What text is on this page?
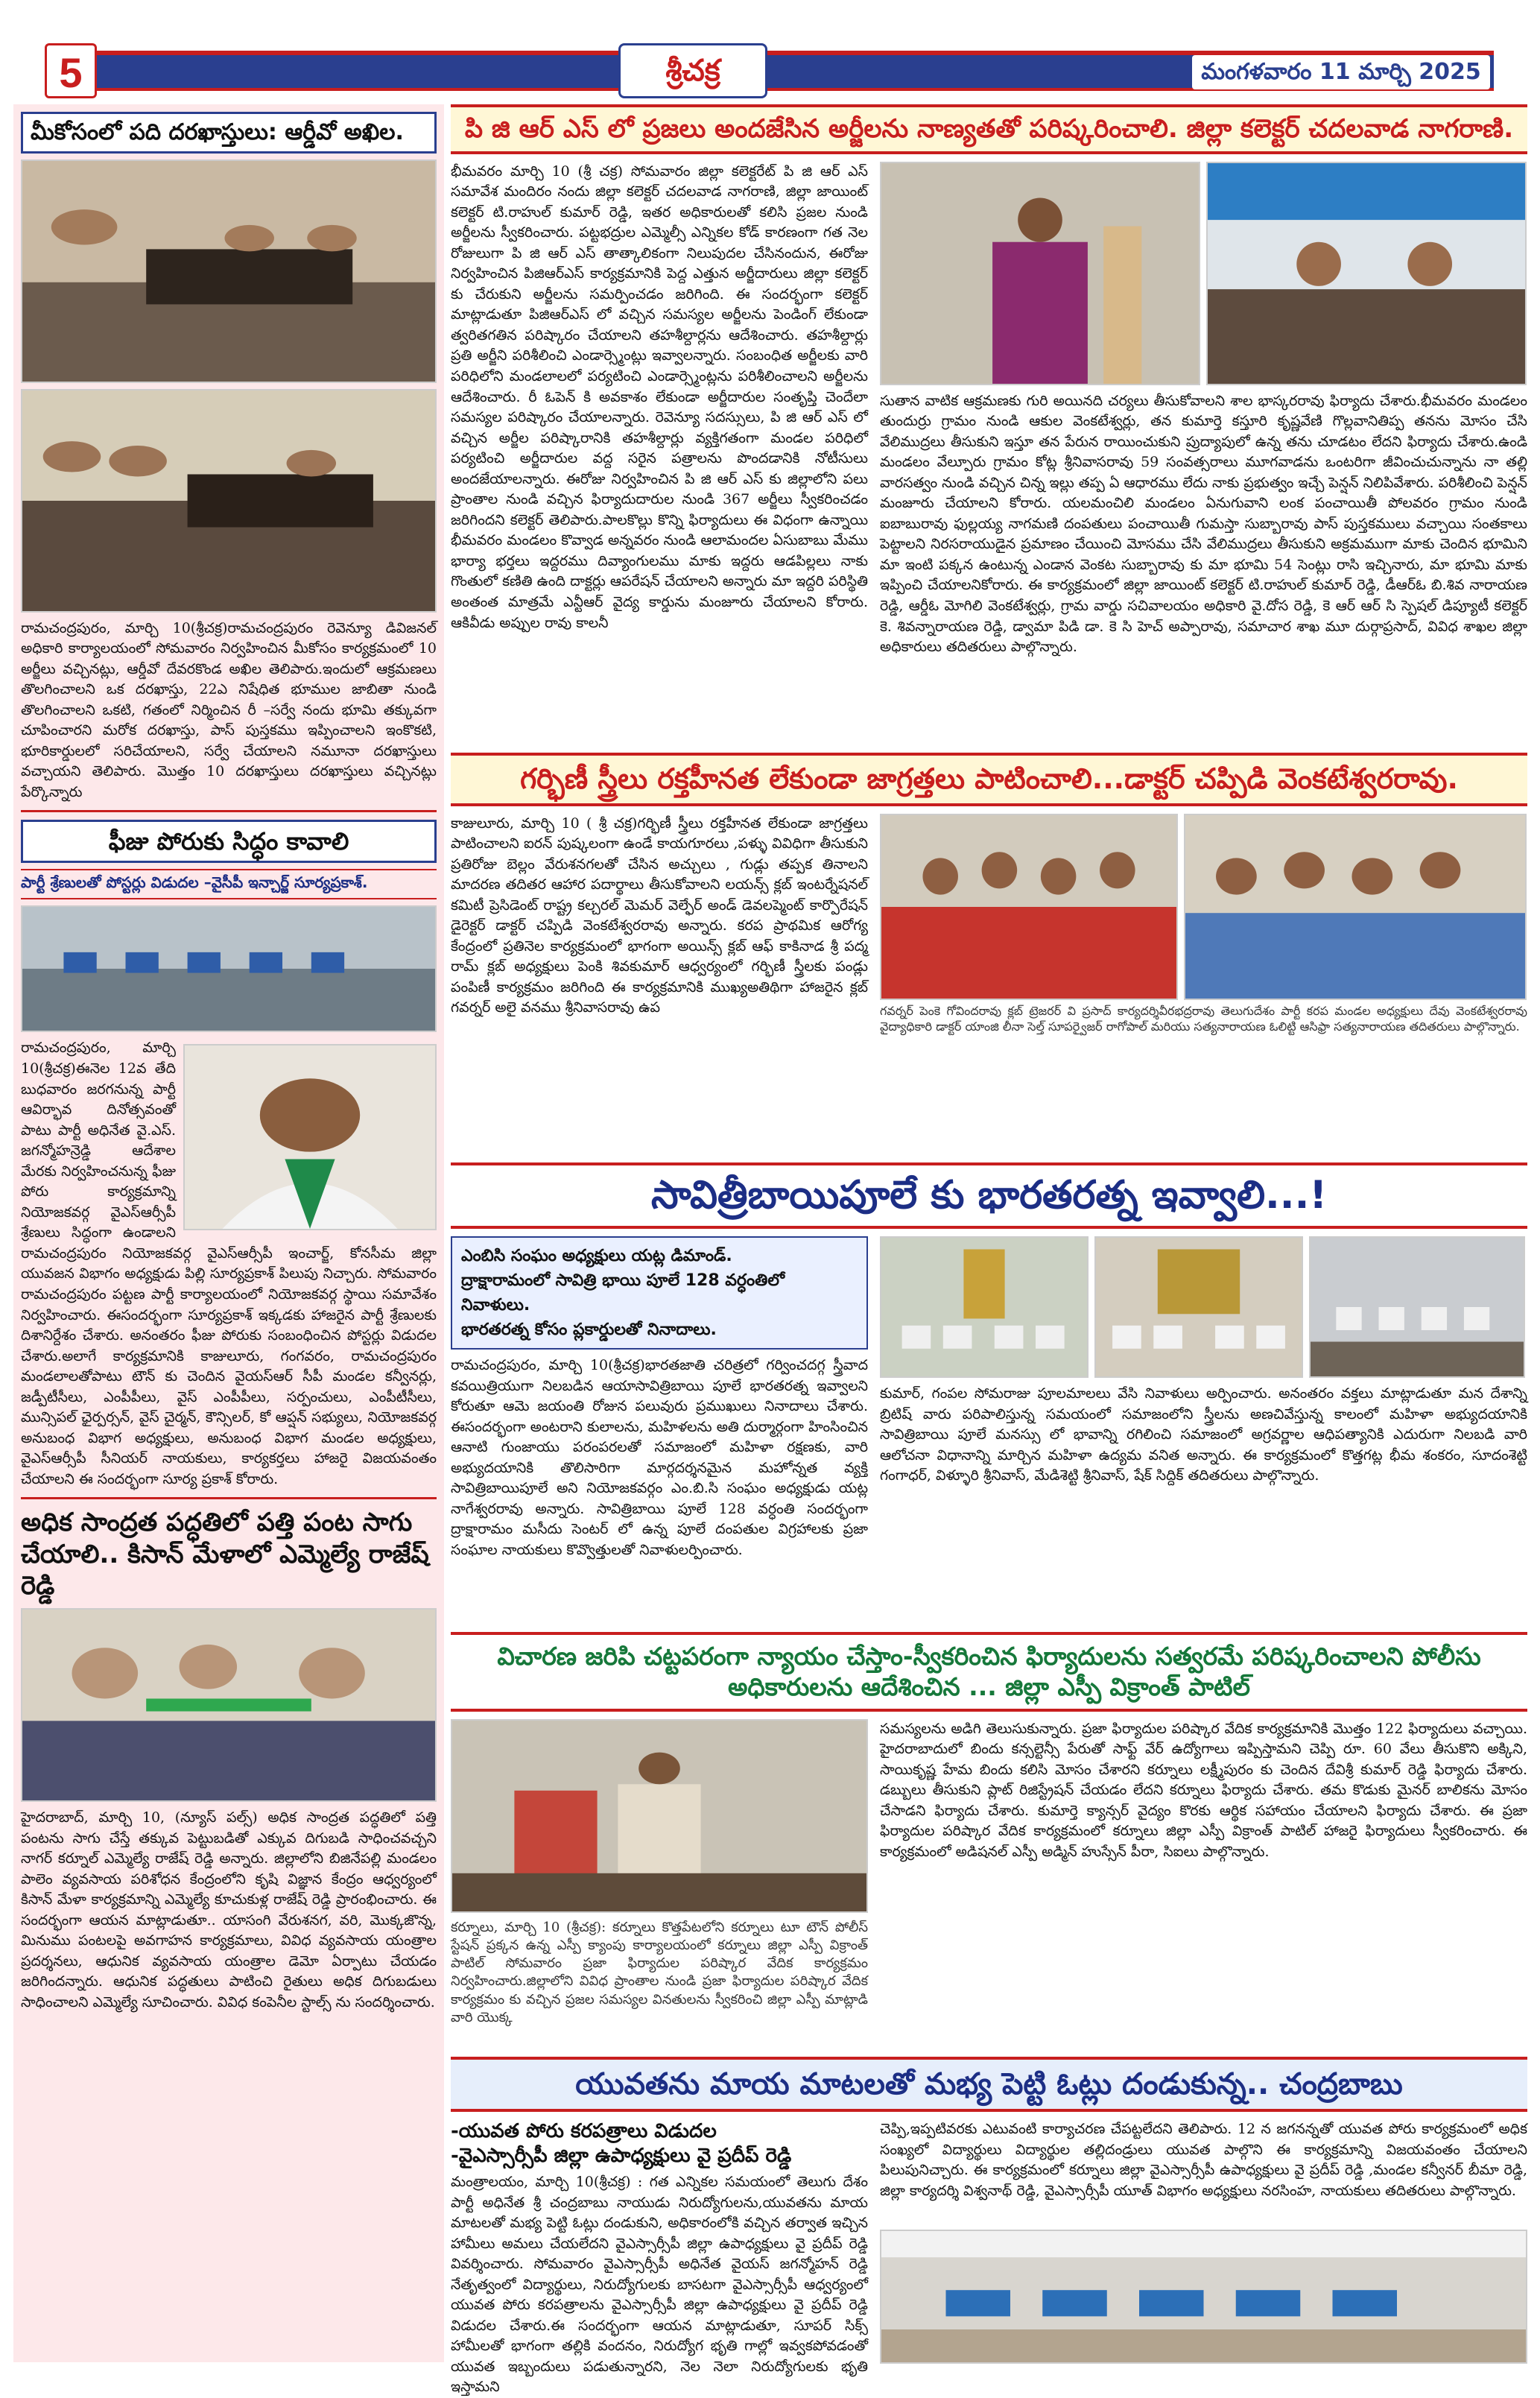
5	శ్రీచక్ర	మంగళవారం 11 మార్చి 2025
మీకోసంలో పది దరఖాస్తులు: ఆర్డీవో అఖిల.
రామచంద్రపురం, మార్చి 10(శ్రీచక్ర)రామచంద్రపురం రెవెన్యూ డివిజనల్ అధికారి కార్యాలయంలో సోమవారం నిర్వహించిన మీకోసం కార్యక్రమంలో 10 అర్జీలు వచ్చినట్లు, ఆర్డీవో దేవరకొండ అఖిల తెలిపారు.ఇందులో ఆక్రమణలు తొలగించాలని ఒక దరఖాస్తు, 22ఎ నిషేధిత భూముల జాబితా నుండి తొలగించాలని ఒకటి, గతంలో నిర్మించిన రీ –సర్వే నందు భూమి తక్కువగా చూపించారని మరోక దరఖాస్తు, పాస్ పుస్తకము ఇప్పించాలని ఇంకొకటి, భూరికార్డులలో సరిచేయాలని, సర్వే చేయాలని నమూనా దరఖాస్తులు వచ్చాయని తెలిపారు. మొత్తం 10 దరఖాస్తులు దరఖాస్తులు వచ్చినట్లు పేర్కొన్నారు
ఫీజు పోరుకు సిద్ధం కావాలి
పార్టీ శ్రేణులతో పోస్టర్లు విడుదల –వైసీపీ ఇన్చార్జ్ సూర్యప్రకాశ్.
రామచంద్రపురం, మార్చి 10(శ్రీచక్ర)ఈనెల 12వ తేది బుధవారం జరగనున్న పార్టీ ఆవిర్భావ దినోత్సవంతో పాటు పార్టీ అధినేత వై.ఎస్. జగన్మోహన్రెడ్డి ఆదేశాల మేరకు నిర్వహించనున్న ఫీజు పోరు కార్యక్రమాన్ని నియోజకవర్గ వైఎస్ఆర్సీపీ శ్రేణులు సిద్ధంగా ఉండాలని రామచంద్రపురం నియోజకవర్గ వైఎస్ఆర్సీపీ ఇంచార్జ్, కోనసీమ జిల్లా యువజన విభాగం అధ్యక్షుడు పిల్లి సూర్యప్రకాశ్ పిలుపు నిచ్చారు. సోమవారం రామచంద్రపురం పట్టణ పార్టీ కార్యాలయంలో నియోజకవర్గ స్థాయి సమావేశం నిర్వహించారు. ఈసందర్భంగా సూర్యప్రకాశ్ ఇక్కడకు హాజరైన పార్టీ శ్రేణులకు దిశానిర్దేశం చేశారు. అనంతరం ఫీజు పోరుకు సంబంధించిన పోస్టర్లు విడుదల చేశారు.అలాగే కార్యక్రమానికి కాజులూరు, గంగవరం, రామచంద్రపురం మండలాలతోపాటు టౌన్ కు చెందిన వైయస్ఆర్ సీపీ మండల కన్వీనర్లు, జడ్పీటీసీలు, ఎంపీపీలు, వైస్ ఎంపీపీలు, సర్పంచులు, ఎంపీటీసీలు, మున్సిపల్ ఛైర్పర్సన్, వైస్ చైర్మన్, కౌన్సిలర్, కో ఆప్షన్ సభ్యులు, నియోజకవర్గ అనుబంధ విభాగ అధ్యక్షులు, అనుబంధ విభాగ మండల అధ్యక్షులు, వైఎస్ఆర్సీపీ సీనియర్ నాయకులు, కార్యకర్తలు హాజరై విజయవంతం చేయాలని ఈ సందర్భంగా సూర్య ప్రకాశ్ కోరారు.
అధిక సాంద్రత పద్ధతిలో పత్తి పంట సాగు చేయాలి.. కిసాన్ మేళాలో ఎమ్మెల్యే రాజేష్ రెడ్డి
హైదరాబాద్, మార్చి 10, (న్యూస్ పల్స్) అధిక సాంద్రత పద్ధతిలో పత్తి పంటను సాగు చేస్తే తక్కువ పెట్టుబడితో ఎక్కువ దిగుబడి సాధించవచ్చని నాగర్ కర్నూల్ ఎమ్మెల్యే రాజేష్ రెడ్డి అన్నారు. జిల్లాలోని బిజినేపల్లి మండలం పాలెం వ్యవసాయ పరిశోధన కేంద్రంలోని కృషి విజ్ఞాన కేంద్రం ఆధ్వర్యంలో కిసాన్ మేళా కార్యక్రమాన్ని ఎమ్మెల్యే కూచుకుళ్ల రాజేష్ రెడ్డి ప్రారంభించారు. ఈ సందర్భంగా ఆయన మాట్లాడుతూ.. యాసంగి వేరుశనగ, వరి, మొక్కజొన్న, మినుము పంటలపై అవగాహన కార్యక్రమాలు, వివిధ వ్యవసాయ యంత్రాల ప్రదర్శనలు, ఆధునిక వ్యవసాయ యంత్రాల డెమో ఏర్పాటు చేయడం జరిగిందన్నారు. ఆధునిక పద్ధతులు పాటించి రైతులు అధిక దిగుబడులు సాధించాలని ఎమ్మెల్యే సూచించారు. వివిధ కంపెనీల స్టాల్స్ ను సందర్శించారు.
పి జి ఆర్ ఎస్ లో ప్రజలు అందజేసిన అర్జీలను నాణ్యతతో పరిష్కరించాలి. జిల్లా కలెక్టర్ చదలవాడ నాగరాణి.
భీమవరం మార్చి 10 (శ్రీ చక్ర) సోమవారం జిల్లా కలెక్టరేట్ పి జి ఆర్ ఎస్ సమావేశ మందిరం నందు జిల్లా కలెక్టర్ చదలవాడ నాగరాణి, జిల్లా జాయింట్ కలెక్టర్ టి.రాహుల్ కుమార్ రెడ్డి, ఇతర అధికారులతో కలిసి ప్రజల నుండి అర్జీలను స్వీకరించారు. పట్టభద్రుల ఎమ్మెల్సీ ఎన్నికల కోడ్ కారణంగా గత నెల రోజులుగా పి జి ఆర్ ఎస్ తాత్కాలికంగా నిలుపుదల చేసినందున, ఈరోజు నిర్వహించిన పిజిఆర్ఎస్ కార్యక్రమానికి పెద్ద ఎత్తున అర్జీదారులు జిల్లా కలెక్టర్ కు చేరుకుని అర్జీలను సమర్పించడం జరిగింది. ఈ సందర్భంగా కలెక్టర్ మాట్లాడుతూ పిజిఆర్ఎస్ లో వచ్చిన సమస్యల అర్జీలను పెండింగ్ లేకుండా త్వరితగతిన పరిష్కారం చేయాలని తహశీల్దార్లను ఆదేశించారు. తహశీల్దార్లు ప్రతి అర్జీని పరిశీలించి ఎండార్స్మెంట్లు ఇవ్వాలన్నారు. సంబంధిత అర్జీలకు వారి పరిధిలోని మండలాలలో పర్యటించి ఎండార్స్మెంట్లను పరిశీలించాలని అర్జీలను ఆదేశించారు. రీ ఓపెన్ కి అవకాశం లేకుండా అర్జీదారుల సంతృప్తి చెందేలా సమస్యల పరిష్కారం చేయాలన్నారు. రెవెన్యూ సదస్సులు, పి జి ఆర్ ఎస్ లో వచ్చిన అర్జీల పరిష్కారానికి తహశీల్దార్లు వ్యక్తిగతంగా మండల పరిధిలో పర్యటించి అర్జీదారుల వద్ద సరైన పత్రాలను పొందడానికి నోటీసులు అందజేయాలన్నారు. ఈరోజు నిర్వహించిన పి జి ఆర్ ఎస్ కు జిల్లాలోని పలు ప్రాంతాల నుండి వచ్చిన ఫిర్యాదుదారుల నుండి 367 అర్జీలు స్వీకరించడం జరిగిందని కలెక్టర్ తెలిపారు.పాలకొల్లు కొన్ని ఫిర్యాదులు ఈ విధంగా ఉన్నాయి భీమవరం మండలం కొవ్వాడ అన్నవరం నుండి ఆలామందల ఏసుబాబు మేము భార్యా భర్తలు ఇద్దరము దివ్యాంగులము మాకు ఇద్దరు ఆడపిల్లలు నాకు గొంతులో కణితి ఉంది దాక్టర్లు ఆపరేషన్ చేయాలని అన్నారు మా ఇద్దరి పరిస్థితి అంతంత మాత్రమే ఎన్టీఆర్ వైద్య కార్డును మంజూరు చేయాలని కోరారు. ఆకివీడు అప్పుల రావు కాలనీ
సుతాన వాటిక ఆక్రమణకు గురి అయినది చర్యలు తీసుకోవాలని శాల భాస్కరరావు ఫిర్యాదు చేశారు.భీమవరం మండలం తుందుర్రు గ్రామం నుండి ఆకుల వెంకటేశ్వర్లు, తన కుమార్తె కస్తూరి కృష్ణవేణి గొల్లవానితిప్ప తనను మోసం చేసి వేలిముద్రలు తీసుకుని ఇస్తూ తన పేరున రాయించుకుని ప్రుద్యాపులో ఉన్న తను చూడటం లేదని ఫిర్యాదు చేశారు.ఉండి మండలం వేల్పూరు గ్రామం కోట్ల శ్రీనివాసరావు 59 సంవత్సరాలు మూగవాడను ఒంటరిగా జీవించుచున్నాను నా తల్లి వారసత్వం నుండి వచ్చిన చిన్న ఇల్లు తప్ప ఏ ఆధారము లేదు నాకు ప్రభుత్వం ఇచ్చే పెన్షన్ నిలిపివేశారు. పరిశీలించి పెన్షన్ మంజూరు చేయాలని కోరారు. యలమంచిలి మండలం ఏనుగువాని లంక పంచాయితీ పోలవరం గ్రామం నుండి ఐబాబురావు ఫుల్లయ్య నాగమణి దంపతులు పంచాయితీ గుమస్తా సుబ్బారావు పాస్ పుస్తకములు వచ్చాయి సంతకాలు పెట్టాలని నిరసరాయుడైన ప్రమాణం చేయించి మోసము చేసి వేలిముద్రలు తీసుకుని అక్రమముగా మాకు చెందిన భూమిని మా ఇంటి పక్కన ఉంటున్న ఎండాన వెంకట సుబ్బారావు కు మా భూమి 54 సెంట్లు రాసి ఇచ్చినారు, మా భూమి మాకు ఇప్పించి చేయాలనికోరారు. ఈ కార్యక్రమంలో జిల్లా జాయింట్ కలెక్టర్ టి.రాహుల్ కుమార్ రెడ్డి, డీఆర్ఓ బి.శివ నారాయణ రెడ్డి, ఆర్డీఓ మోగిలి వెంకటేశ్వర్లు, గ్రామ వార్డు సచివాలయం అధికారి వై.దోస రెడ్డి, కె ఆర్ ఆర్ సి స్పెషల్ డిప్యూటీ కలెక్టర్ కె. శివన్నారాయణ రెడ్డి, డ్వామా పిడి డా. కె సి హెచ్ అప్పారావు, సమాచార శాఖ మూ దుర్గాప్రసాద్, వివిధ శాఖల జిల్లా అధికారులు తదితరులు పాల్గొన్నారు.
గర్భిణీ స్త్రీలు రక్తహీనత లేకుండా జాగ్రత్తలు పాటించాలి...డాక్టర్ చప్పిడి వెంకటేశ్వరరావు.
కాజులూరు, మార్చి 10 ( శ్రీ చక్ర)గర్భిణీ స్త్రీలు రక్తహీనత లేకుండా జాగ్రత్తలు పాటించాలని ఐరన్ పుష్కలంగా ఉండే కాయగూరలు ,పళ్ళు వివిధిగా తీసుకుని ప్రతిరోజు బెల్లం వేరుశనగలతో చేసిన అచ్చులు , గుడ్లు తప్పక తినాలని మాదరణ తదితర ఆహార పదార్థాలు తీసుకోవాలని లయన్స్ క్లబ్ ఇంటర్నేషనల్ కమిటీ ప్రెసిడెంట్ రాష్ట్ర కల్చరల్ మెమర్ వెల్ఫేర్ అండ్ డెవలప్మెంట్ కార్పొరేషన్ డైరెక్టర్ డాక్టర్ చప్పిడి వెంకటేశ్వరరావు అన్నారు. కరప ప్రాథమిక ఆరోగ్య కేంద్రంలో ప్రతినెల కార్యక్రమంలో భాగంగా అయిన్స్ క్లబ్ ఆఫ్ కాకినాడ శ్రీ పద్మ రామ్ క్లబ్ అధ్యక్షులు పెంకి శివకుమార్ ఆధ్వర్యంలో గర్భిణీ స్త్రీలకు పండ్లు పంపిణీ కార్యక్రమం జరిగింది ఈ కార్యక్రమానికి ముఖ్యఅతిథిగా హాజరైన క్లబ్ గవర్నర్ అలై వనము శ్రీనివాసరావు ఉప	గవర్నర్ పెంకె గోవిందరావు క్లబ్ ట్రెజరర్ వి ప్రసాద్ కార్యదర్శివీరభద్రరావు తెలుగుదేశం పార్టీ కరప మండల అధ్యక్షులు దేవు వెంకటేశ్వరరావు వైద్యాధికారి డాక్టర్ యాంజి లీనా సెల్త్ సూపర్వైజర్ రాగోపాల్ మరియు సత్యనారాయణ ఓలిట్టి ఆసిఫ్రా సత్యనారాయణ తదితరులు పాల్గొన్నారు.
సావిత్రీబాయిపూలే కు భారతరత్న ఇవ్వాలి...!
ఎంబిసి సంఘం అధ్యక్షులు యట్ల డిమాండ్.
ద్రాక్షారామంలో సావిత్రి భాయి పూలే 128 వర్ధంతిలో నివాళులు.
భారతరత్న కోసం ప్లకార్డులతో నినాదాలు.
రామచంద్రపురం, మార్చి 10(శ్రీచక్ర)భారతజాతి చరిత్రలో గర్వించదగ్గ స్త్రీవాద కవయిత్రియుగా నిలబడిన ఆయాసావిత్రిబాయి పూలే భారతరత్న ఇవ్వాలని కోరుతూ ఆమె జయంతి రోజున పలువురు ప్రముఖులు నినాదాలు చేశారు. ఈసందర్భంగా అంటరాని కులాలను, మహిళలను అతి దుర్మార్గంగా హింసించిన ఆనాటి గుంజాయు పరంపరలతో సమాజంలో మహిళా రక్షణకు, వారి అభ్యుదయానికి తొలిసారిగా మార్గదర్శనమైన మహోన్నత వ్యక్తి సావిత్రిబాయిపూలే అని నియోజకవర్గం ఎం.బి.సి సంఘం అధ్యక్షుడు యట్ల నాగేశ్వరరావు అన్నారు. సావిత్రిబాయి పూలే 128 వర్ధంతి సందర్భంగా ద్రాక్షారామం మసీదు సెంటర్ లో ఉన్న పూలే దంపతుల విగ్రహాలకు ప్రజా సంఘాల నాయకులు కొవ్వొత్తులతో నివాళులర్పించారు.
కుమార్, గంపల సోమరాజు పూలమాలలు వేసి నివాళులు అర్పించారు. అనంతరం వక్తలు మాట్లాడుతూ మన దేశాన్ని బ్రిటిష్ వారు పరిపాలిస్తున్న సమయంలో సమాజంలోని స్త్రీలను అణచివేస్తున్న కాలంలో మహిళా అభ్యుదయానికి సావిత్రిబాయి పూలే మనస్సు లో భావాన్ని రగిలించి సమాజంలో అగ్రవర్ణాల ఆధిపత్యానికి ఎదురుగా నిలబడి వారి ఆలోచనా విధానాన్ని మార్చిన మహిళా ఉద్యమ వనిత అన్నారు. ఈ కార్యక్రమంలో కొత్తగట్ల భీమ శంకరం, సూదంశెట్టి గంగాధర్, విళ్ళూరి శ్రీనివాస్, మేడిశెట్టి శ్రీనివాస్, షేక్ సిద్దిక్ తదితరులు పాల్గొన్నారు.
విచారణ జరిపి చట్టపరంగా న్యాయం చేస్తాం-స్వీకరించిన ఫిర్యాదులను సత్వరమే పరిష్కరించాలని పోలీసు అధికారులను ఆదేశించిన ... జిల్లా ఎస్పీ విక్రాంత్ పాటిల్
కర్నూలు, మార్చి 10 (శ్రీచక్ర): కర్నూలు కొత్తపేటలోని కర్నూలు టూ టౌన్ పోలీస్ స్టేషన్ ప్రక్కన ఉన్న ఎస్పీ క్యాంపు కార్యాలయంలో కర్నూలు జిల్లా ఎస్పీ విక్రాంత్ పాటిల్ సోమవారం ప్రజా ఫిర్యాదుల పరిష్కార వేదిక కార్యక్రమం నిర్వహించారు.జిల్లాలోని వివిధ ప్రాంతాల నుండి ప్రజా ఫిర్యాదుల పరిష్కార వేదిక కార్యక్రమం కు వచ్చిన ప్రజల సమస్యల వినతులను స్వీకరించి జిల్లా ఎస్పీ మాట్లాడి వారి యొక్క
సమస్యలను అడిగి తెలుసుకున్నారు. ప్రజా ఫిర్యాదుల పరిష్కార వేదిక కార్యక్రమానికి మొత్తం 122 ఫిర్యాదులు వచ్చాయి. హైదరాబాదులో బిందు కన్సల్టెన్సీ పేరుతో సాఫ్ట్ వేర్ ఉద్యోగాలు ఇప్పిస్తామని చెప్పి రూ. 60 వేలు తీసుకొని అక్కిని, సాయికృష్ణ హేమ బిందు కలిసి మోసం చేశారని కర్నూలు లక్ష్మీపురం కు చెందిన దేవిశ్రీ కుమార్ రెడ్డి ఫిర్యాదు చేశారు. డబ్బులు తీసుకుని ప్లాట్ రిజిస్ట్రేషన్ చేయడం లేదని కర్నూలు ఫిర్యాదు చేశారు. తమ కొడుకు మైనర్ బాలికను మోసం చేసాడని ఫిర్యాదు చేశారు. కుమార్తె క్యాన్సర్ వైద్యం కొరకు ఆర్థిక సహాయం చేయాలని ఫిర్యాదు చేశారు. ఈ ప్రజా ఫిర్యాదుల పరిష్కార వేదిక కార్యక్రమంలో కర్నూలు జిల్లా ఎస్పీ విక్రాంత్ పాటిల్ హాజరై ఫిర్యాదులు స్వీకరించారు. ఈ కార్యక్రమంలో అడిషనల్ ఎస్పీ అడ్మిన్ హుస్సేన్ పీరా, సిఐలు పాల్గొన్నారు.
యువతను మాయ మాటలతో మభ్య పెట్టి ఓట్లు దండుకున్న.. చంద్రబాబు
-యువత పోరు కరపత్రాలు విడుదల
-వైఎస్సార్సీపీ జిల్లా ఉపాధ్యక్షులు వై ప్రదీప్ రెడ్డి
మంత్రాలయం, మార్చి 10(శ్రీచక్ర) : గత ఎన్నికల సమయంలో తెలుగు దేశం పార్టీ అధినేత శ్రీ చంద్రబాబు నాయుడు నిరుద్యోగులను,యువతను మాయ మాటలతో మభ్య పెట్టి ఓట్లు దండుకుని, అధికారంలోకి వచ్చిన తర్వాత ఇచ్చిన హామీలు అమలు చేయలేదని వైఎస్సార్సీపీ జిల్లా ఉపాధ్యక్షులు వై ప్రదీప్ రెడ్డి వివర్శించారు. సోమవారం వైఎస్సార్సీపీ అధినేత వైయస్ జగన్మోహన్ రెడ్డి నేతృత్వంలో విద్యార్థులు, నిరుద్యోగులకు బాసటగా వైఎస్సార్సీపీ ఆధ్వర్యంలో యువత పోరు కరపత్రాలను వైఎస్సార్సీపీ జిల్లా ఉపాధ్యక్షులు వై ప్రదీప్ రెడ్డి విడుదల చేశారు.ఈ సందర్భంగా ఆయన మాట్లాడుతూ, సూపర్ సిక్స్ హామీలతో భాగంగా తల్లికి వందనం, నిరుద్యోగ భృతి గాల్లో ఇవ్వకపోవడంతో యువత ఇబ్బందులు పడుతున్నారని, నెల నెలా నిరుద్యోగులకు భృతి ఇస్తామని
చెప్పి,ఇప్పటివరకు ఎటువంటి కార్యాచరణ చేపట్టలేదని తెలిపారు. 12 న జగనన్నతో యువత పోరు కార్యక్రమంలో అధిక సంఖ్యలో విద్యార్థులు విద్యార్థుల తల్లిదండ్రులు యువత పాల్గొని ఈ కార్యక్రమాన్ని విజయవంతం చేయాలని పిలుపునిచ్చారు. ఈ కార్యక్రమంలో కర్నూలు జిల్లా వైఎస్సార్సీపీ ఉపాధ్యక్షులు వై ప్రదీప్ రెడ్డి ,మండల కన్వీనర్ బీమా రెడ్డి, జిల్లా కార్యదర్శి విశ్వనాథ్ రెడ్డి, వైఎస్సార్సీపీ యూత్ విభాగం అధ్యక్షులు నరసింహ, నాయకులు తదితరులు పాల్గొన్నారు.
